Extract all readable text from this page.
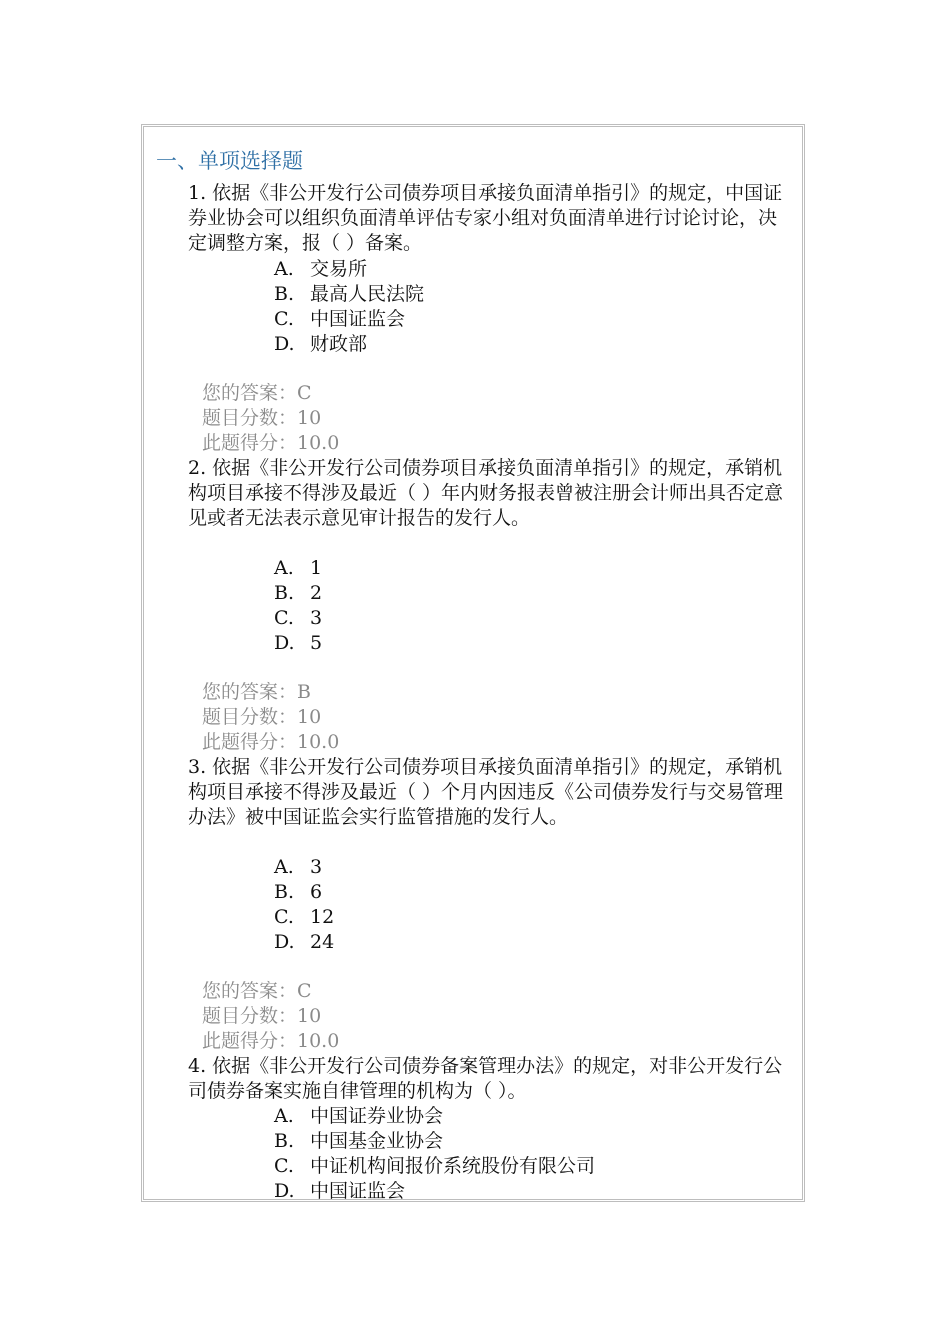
一、单项选择题
1. 依据《非公开发行公司债券项目承接负面清单指引》的规定，中国证券业协会可以组织负面清单评估专家小组对负面清单进行讨论讨论，决定调整方案，报（ ）备案。
A. 交易所
B. 最高人民法院
C. 中国证监会
D. 财政部
您的答案：C
题目分数：10
此题得分：10.0
2. 依据《非公开发行公司债券项目承接负面清单指引》的规定，承销机构项目承接不得涉及最近（ ）年内财务报表曾被注册会计师出具否定意见或者无法表示意见审计报告的发行人。
A. 1
B. 2
C. 3
D. 5
您的答案：B
题目分数：10
此题得分：10.0
3. 依据《非公开发行公司债券项目承接负面清单指引》的规定，承销机构项目承接不得涉及最近（ ）个月内因违反《公司债券发行与交易管理办法》被中国证监会实行监管措施的发行人。
A. 3
B. 6
C. 12
D. 24
您的答案：C
题目分数：10
此题得分：10.0
4. 依据《非公开发行公司债券备案管理办法》的规定，对非公开发行公司债券备案实施自律管理的机构为（ ）。
A. 中国证券业协会
B. 中国基金业协会
C. 中证机构间报价系统股份有限公司
D. 中国证监会
